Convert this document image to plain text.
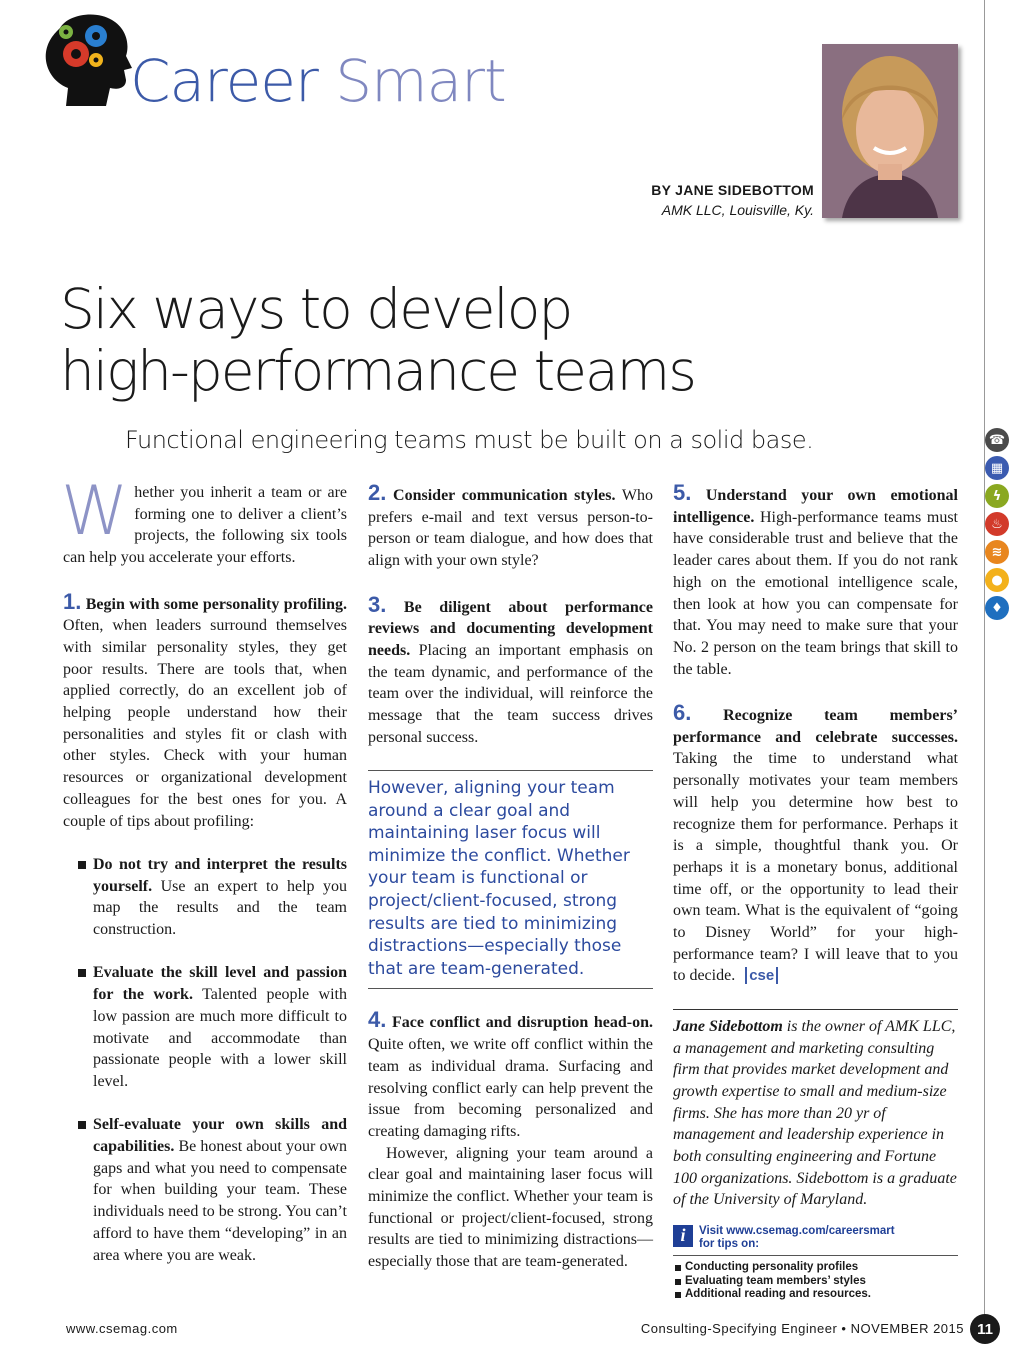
Career Smart
BY JANE SIDEBOTTOM
AMK LLC, Louisville, Ky.
Six ways to develop
high-performance teams
Functional engineering teams must be built on a solid base.	☎
▦
ϟ
♨
≋
●
♦

Whether you inherit a team or are forming one to deliver a client’s projects, the following six tools can help you accelerate your efforts.

1. Begin with some personality profiling. Often, when leaders surround themselves with similar personality styles, they get poor results. There are tools that, when applied correctly, do an excellent job of helping people understand how their personalities and styles fit or clash with other styles. Check with your human resources or organizational development colleagues for the best ones for you. A couple of tips about profiling:

Do not try and interpret the results yourself. Use an expert to help you map the results and the team construction.
Evaluate the skill level and passion for the work. Talented people with low passion are much more difficult to motivate and accommodate than passionate people with a lower skill level.
Self-evaluate your own skills and capabilities. Be honest about your own gaps and what you need to compensate for when building your team. These individuals need to be strong. You can’t afford to have them “developing” in an area where you are weak.

2. Consider communication styles. Who prefers e-mail and text versus person-to-person or team dialogue, and how does that align with your own style?

3. Be diligent about performance reviews and documenting development needs. Placing an important emphasis on the team dynamic, and performance of the team over the individual, will reinforce the message that the team success drives personal success.

However, aligning your team around a clear goal and maintaining laser focus will minimize the conflict. Whether your team is functional or project/client-focused, strong results are tied to minimizing distractions—especially those that are team-generated.

4. Face conflict and disruption head-on. Quite often, we write off conflict within the team as individual drama. Surfacing and resolving conflict early can help prevent the issue from becoming personalized and creating damaging rifts.

However, aligning your team around a clear goal and maintaining laser focus will minimize the conflict. Whether your team is functional or project/client-focused, strong results are tied to minimizing distractions—especially those that are team-generated.

5. Understand your own emotional intelligence. High-performance teams must have considerable trust and believe that the leader cares about them. If you do not rank high on the emotional intelligence scale, then look at how you can compensate for that. You may need to make sure that your No. 2 person on the team brings that skill to the table.

6. Recognize team members’ performance and celebrate successes. Taking the time to understand what personally motivates your team members will help you determine how best to recognize them for performance. Perhaps it is a simple, thoughtful thank you. Or perhaps it is a monetary bonus, additional time off, or the opportunity to lead their own team. What is the equivalent of “going to Disney World” for your high-performance team? I will leave that to you to decide. cse

Jane Sidebottom is the owner of AMK LLC, a management and marketing consulting firm that provides market development and growth expertise to small and medium-size firms. She has more than 20 yr of management and leadership experience in both consulting engineering and Fortune 100 organizations. Sidebottom is a graduate of the University of Maryland.
i	Visit www.csemag.com/careersmart
for tips on:
Conducting personality profiles
Evaluating team members’ styles
Additional reading and resources.
www.csemag.com	Consulting-Specifying Engineer • NOVEMBER 2015 11
